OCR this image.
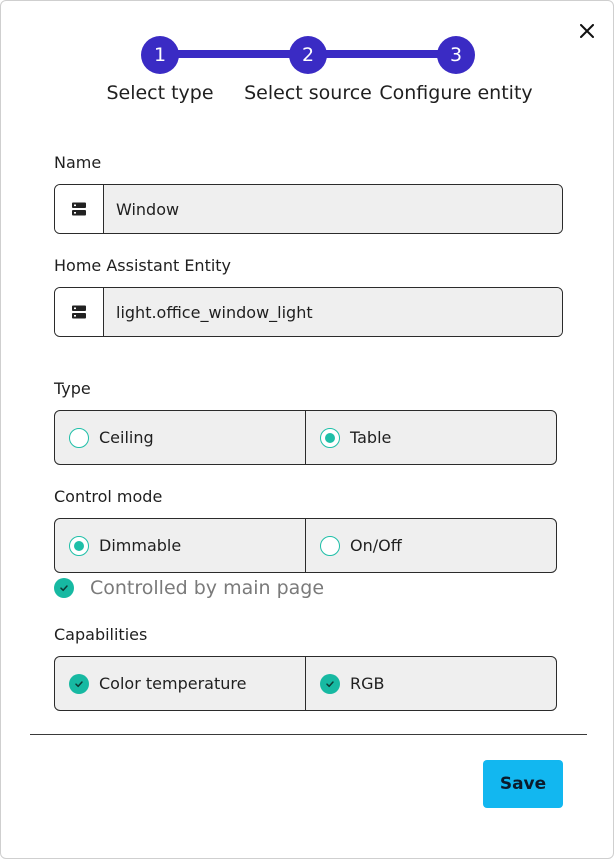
1	2	3
Select type Select source Configure entity
Name
Window
Home Assistant Entity
light.office_window_light
Type
Ceiling	Table
Control mode
Dimmable	On/Off
Controlled by main page
Capabilities
Color temperature	RGB
Save
